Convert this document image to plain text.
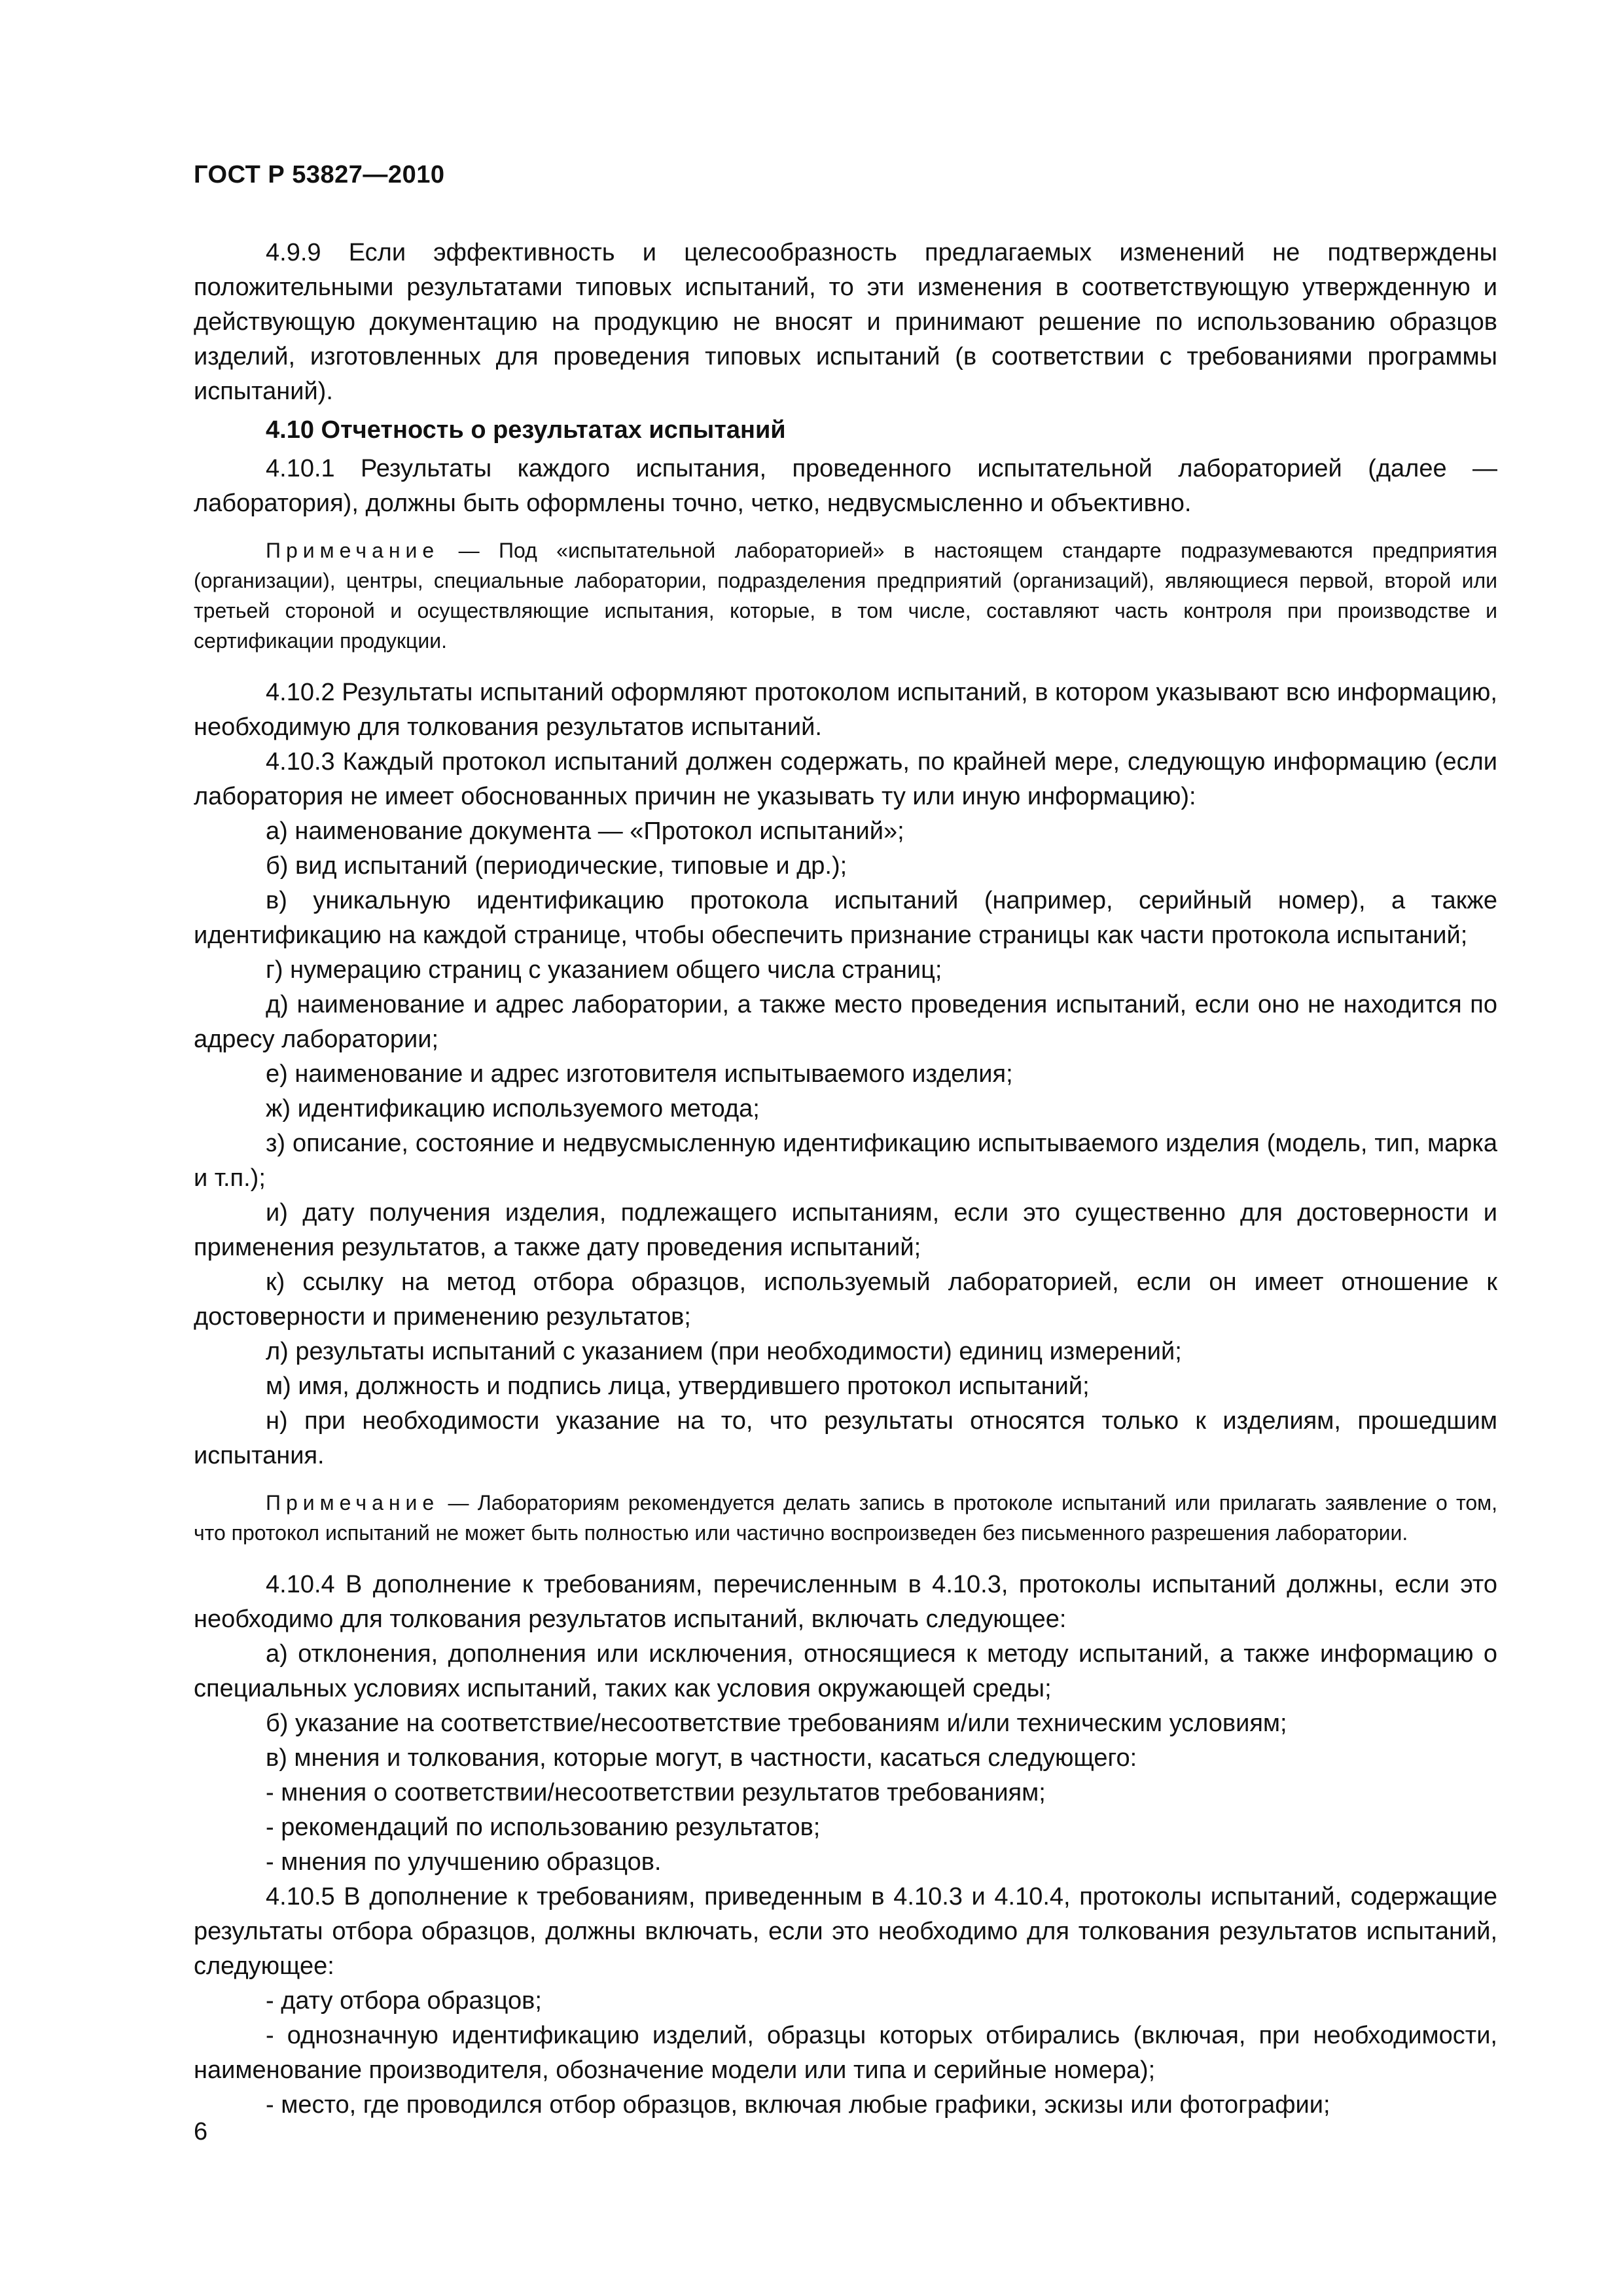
ГОСТ Р 53827—2010

4.9.9 Если эффективность и целесообразность предлагаемых изменений не подтверждены положительными результатами типовых испытаний, то эти изменения в соответствующую утвержденную и действующую документацию на продукцию не вносят и принимают решение по использованию образцов изделий, изготовленных для проведения типовых испытаний (в соответствии с требованиями программы испытаний).

4.10 Отчетность о результатах испытаний

4.10.1 Результаты каждого испытания, проведенного испытательной лабораторией (далее — лаборатория), должны быть оформлены точно, четко, недвусмысленно и объективно.

Примечание — Под «испытательной лабораторией» в настоящем стандарте подразумеваются предприятия (организации), центры, специальные лаборатории, подразделения предприятий (организаций), являющиеся первой, второй или третьей стороной и осуществляющие испытания, которые, в том числе, составляют часть контроля при производстве и сертификации продукции.

4.10.2 Результаты испытаний оформляют протоколом испытаний, в котором указывают всю информацию, необходимую для толкования результатов испытаний.

4.10.3 Каждый протокол испытаний должен содержать, по крайней мере, следующую информацию (если лаборатория не имеет обоснованных причин не указывать ту или иную информацию):

а) наименование документа — «Протокол испытаний»;

б) вид испытаний (периодические, типовые и др.);

в) уникальную идентификацию протокола испытаний (например, серийный номер), а также идентификацию на каждой странице, чтобы обеспечить признание страницы как части протокола испытаний;

г) нумерацию страниц с указанием общего числа страниц;

д) наименование и адрес лаборатории, а также место проведения испытаний, если оно не находится по адресу лаборатории;

е) наименование и адрес изготовителя испытываемого изделия;

ж) идентификацию используемого метода;

з) описание, состояние и недвусмысленную идентификацию испытываемого изделия (модель, тип, марка и т.п.);

и) дату получения изделия, подлежащего испытаниям, если это существенно для достоверности и применения результатов, а также дату проведения испытаний;

к) ссылку на метод отбора образцов, используемый лабораторией, если он имеет отношение к достоверности и применению результатов;

л) результаты испытаний с указанием (при необходимости) единиц измерений;

м) имя, должность и подпись лица, утвердившего протокол испытаний;

н) при необходимости указание на то, что результаты относятся только к изделиям, прошедшим испытания.

Примечание — Лабораториям рекомендуется делать запись в протоколе испытаний или прилагать заявление о том, что протокол испытаний не может быть полностью или частично воспроизведен без письменного разрешения лаборатории.

4.10.4 В дополнение к требованиям, перечисленным в 4.10.3, протоколы испытаний должны, если это необходимо для толкования результатов испытаний, включать следующее:

а) отклонения, дополнения или исключения, относящиеся к методу испытаний, а также информацию о специальных условиях испытаний, таких как условия окружающей среды;

б) указание на соответствие/несоответствие требованиям и/или техническим условиям;

в) мнения и толкования, которые могут, в частности, касаться следующего:

- мнения о соответствии/несоответствии результатов требованиям;

- рекомендаций по использованию результатов;

- мнения по улучшению образцов.

4.10.5 В дополнение к требованиям, приведенным в 4.10.3 и 4.10.4, протоколы испытаний, содержащие результаты отбора образцов, должны включать, если это необходимо для толкования результатов испытаний, следующее:

- дату отбора образцов;

- однозначную идентификацию изделий, образцы которых отбирались (включая, при необходимости, наименование производителя, обозначение модели или типа и серийные номера);

- место, где проводился отбор образцов, включая любые графики, эскизы или фотографии;

6
